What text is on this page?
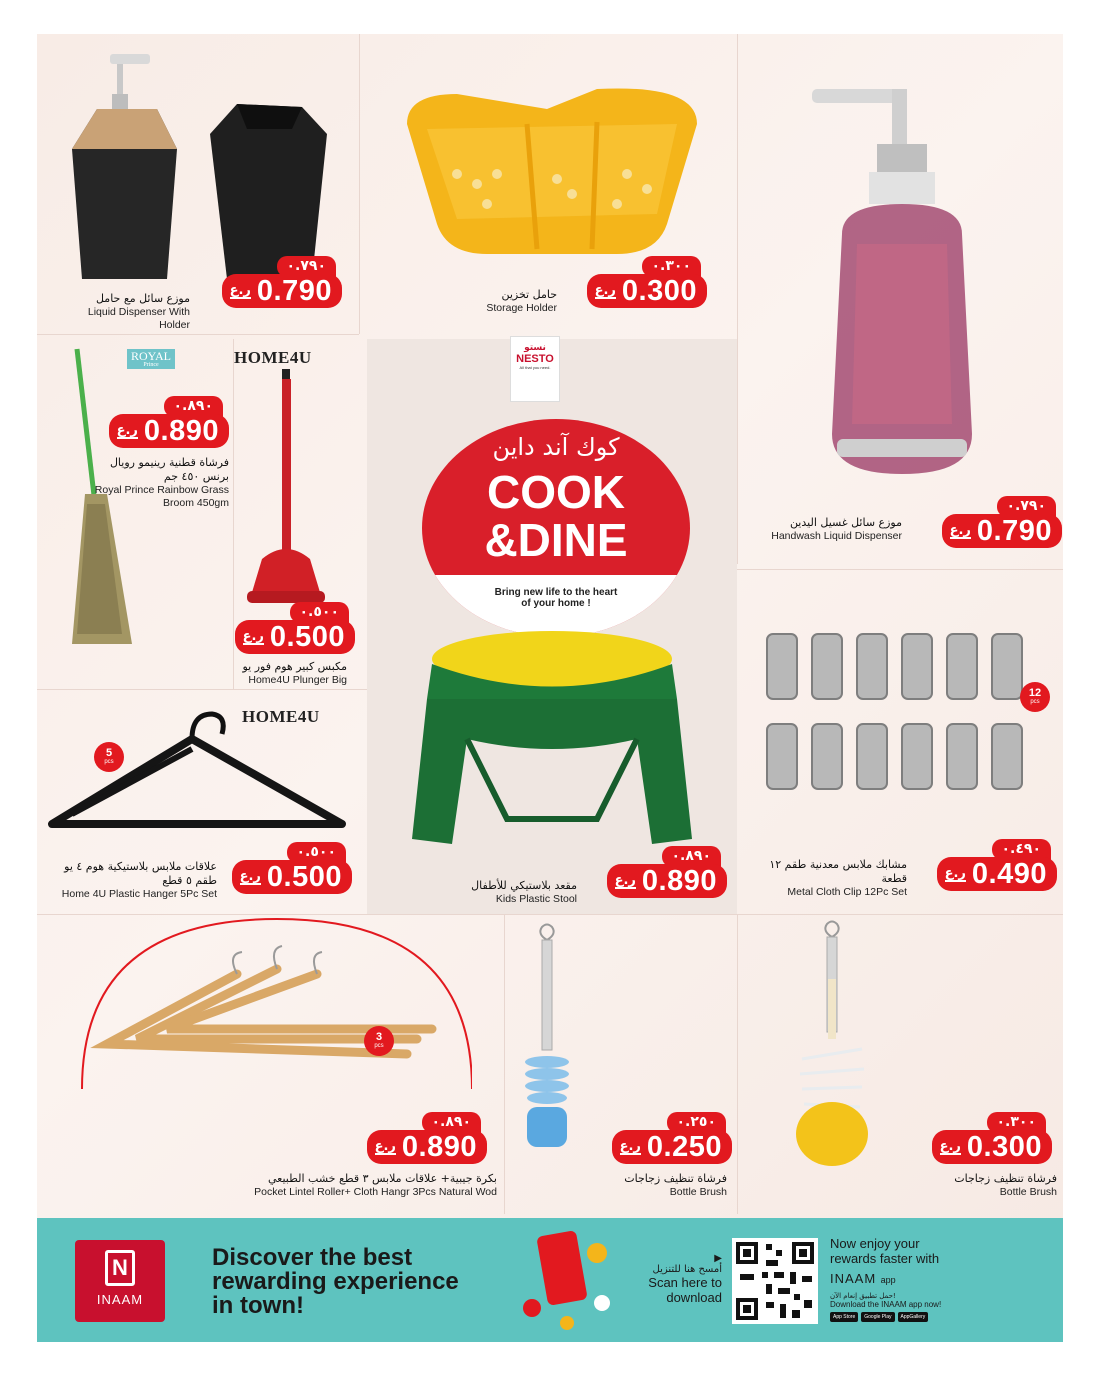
٠.٧٩٠
ر.ع 0.790
موزع سائل مع حامل
Liquid Dispenser With Holder
٠.٣٠٠
ر.ع 0.300
حامل تخزين
Storage Holder
٠.٧٩٠
ر.ع 0.790
موزع سائل غسيل اليدين
Handwash Liquid Dispenser
ROYAL
Prince
٠.٨٩٠
ر.ع 0.890
فرشاة قطنية رينيمو رويال برنس ٤٥٠ جم
Royal Prince Rainbow Grass Broom 450gm
HOME4U
٠.٥٠٠
ر.ع 0.500
مكبس كبير هوم فور يو
Home4U Plunger Big
HOME4U
5
pcs
٠.٥٠٠
ر.ع 0.500
علاقات ملابس بلاستيكية هوم ٤ يو طقم ٥ قطع
Home 4U Plastic Hanger 5Pc Set
نستو
NESTO
All that you need.
كوك آند داين
COOK
&DINE
Bring new life to the heart
of your home !
٠.٨٩٠
ر.ع 0.890
مقعد بلاستيكي للأطفال
Kids Plastic Stool
12
pcs
٠.٤٩٠
ر.ع 0.490
مشابك ملابس معدنية طقم ١٢ قطعة
Metal Cloth Clip 12Pc Set
3
pcs
٠.٨٩٠
ر.ع 0.890
بكرة جيبية+ علاقات ملابس ٣ قطع خشب الطبيعي
Pocket Lintel Roller+ Cloth Hangr 3Pcs Natural Wod
٠.٢٥٠
ر.ع 0.250
فرشاة تنظيف زجاجات
Bottle Brush
٠.٣٠٠
ر.ع 0.300
فرشاة تنظيف زجاجات
Bottle Brush
N
INAAM
Discover the best
rewarding experience
in town!
▶
أمسح هنا للتنزيل
Scan here to
download
Now enjoy your
rewards faster with
INAAM app
حمل تطبيق إنعام الآن!
Download the INAAM app now!
App Store	Google Play	AppGallery
